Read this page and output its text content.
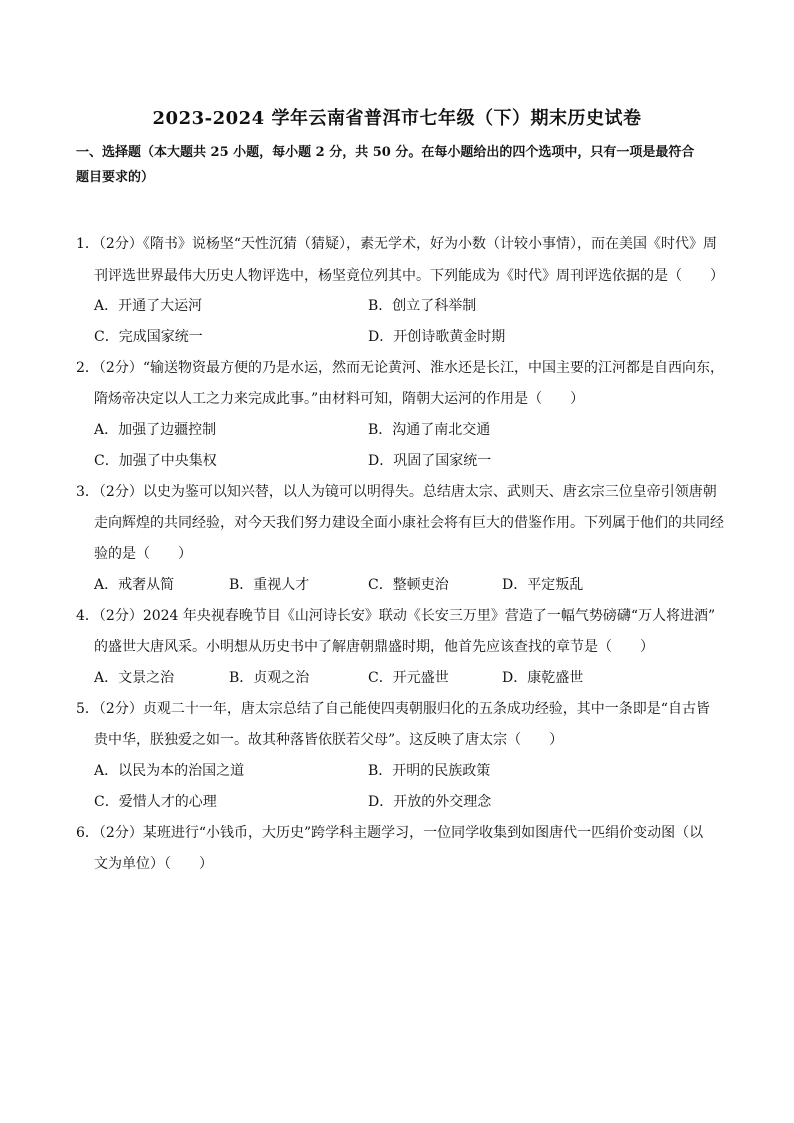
2023-2024 学年云南省普洱市七年级（下）期末历史试卷
一、选择题（本大题共 25 小题，每小题 2 分，共 50 分。在每小题给出的四个选项中，只有一项是最符合
题目要求的）
1．（2分）《隋书》说杨坚“天性沉猜（猜疑），素无学术，好为小数（计较小事情），而在美国《时代》周
刊评选世界最伟大历史人物评选中，杨坚竟位列其中。下列能成为《时代》周刊评选依据的是（　　）
A．开通了大运河	B．创立了科举制
C．完成国家统一	D．开创诗歌黄金时期
2．（2分）“输送物资最方便的乃是水运，然而无论黄河、淮水还是长江，中国主要的江河都是自西向东，
隋炀帝决定以人工之力来完成此事。”由材料可知，隋朝大运河的作用是（　　）
A．加强了边疆控制	B．沟通了南北交通
C．加强了中央集权	D．巩固了国家统一
3．（2分）以史为鉴可以知兴替，以人为镜可以明得失。总结唐太宗、武则天、唐玄宗三位皇帝引领唐朝
走向辉煌的共同经验，对今天我们努力建设全面小康社会将有巨大的借鉴作用。下列属于他们的共同经
验的是（　　）
A．戒奢从简	B．重视人才	C．整顿吏治	D．平定叛乱
4．（2分）2024 年央视春晚节目《山河诗长安》联动《长安三万里》营造了一幅气势磅礴“万人将进酒”
的盛世大唐风采。小明想从历史书中了解唐朝鼎盛时期，他首先应该查找的章节是（　　）
A．文景之治	B．贞观之治	C．开元盛世	D．康乾盛世
5．（2分）贞观二十一年，唐太宗总结了自己能使四夷朝服归化的五条成功经验，其中一条即是“自古皆
贵中华，朕独爱之如一。故其种落皆依朕若父母”。这反映了唐太宗（　　）
A．以民为本的治国之道	B．开明的民族政策
C．爱惜人才的心理	D．开放的外交理念
6．（2分）某班进行“小钱币，大历史”跨学科主题学习，一位同学收集到如图唐代一匹绢价变动图（以
文为单位）（　　）
